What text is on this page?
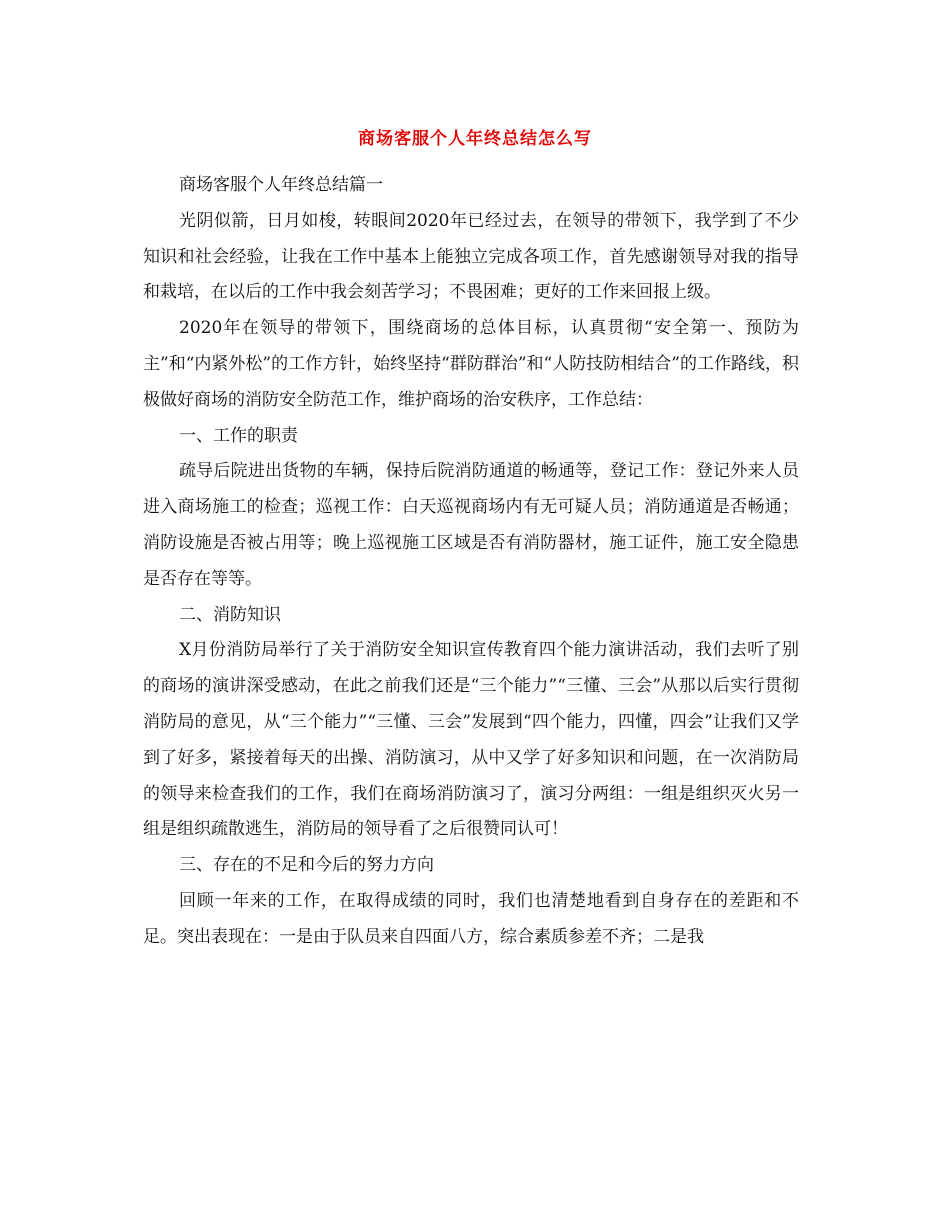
商场客服个人年终总结怎么写

商场客服个人年终总结篇一

光阴似箭，日月如梭，转眼间2020年已经过去，在领导的带领下，我学到了不少知识和社会经验，让我在工作中基本上能独立完成各项工作，首先感谢领导对我的指导和栽培，在以后的工作中我会刻苦学习；不畏困难；更好的工作来回报上级。

2020年在领导的带领下，围绕商场的总体目标，认真贯彻“安全第一、预防为主”和“内紧外松”的工作方针，始终坚持“群防群治”和“人防技防相结合”的工作路线，积极做好商场的消防安全防范工作，维护商场的治安秩序，工作总结：

一、工作的职责

疏导后院进出货物的车辆，保持后院消防通道的畅通等，登记工作：登记外来人员进入商场施工的检查；巡视工作：白天巡视商场内有无可疑人员；消防通道是否畅通；消防设施是否被占用等；晚上巡视施工区域是否有消防器材，施工证件，施工安全隐患是否存在等等。

二、消防知识

X月份消防局举行了关于消防安全知识宣传教育四个能力演讲活动，我们去听了别的商场的演讲深受感动，在此之前我们还是“三个能力”“三懂、三会”从那以后实行贯彻消防局的意见，从“三个能力”“三懂、三会”发展到“四个能力，四懂，四会”让我们又学到了好多，紧接着每天的出操、消防演习，从中又学了好多知识和问题，在一次消防局的领导来检查我们的工作，我们在商场消防演习了，演习分两组：一组是组织灭火另一组是组织疏散逃生，消防局的领导看了之后很赞同认可！

三、存在的不足和今后的努力方向

回顾一年来的工作，在取得成绩的同时，我们也清楚地看到自身存在的差距和不足。突出表现在：一是由于队员来自四面八方，综合素质参差不齐；二是我
